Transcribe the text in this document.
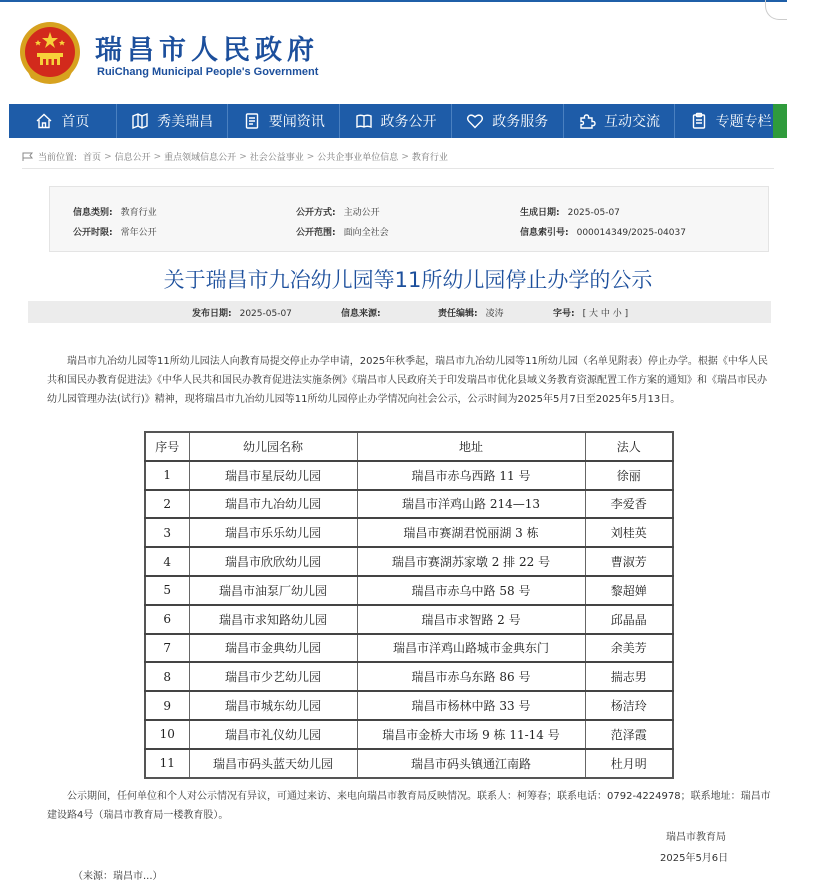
瑞昌市人民政府
RuiChang Municipal People's Government
首页	秀美瑞昌	要闻资讯	政务公开	政务服务	互动交流	专题专栏
当前位置: 首页 > 信息公开 > 重点领域信息公开 > 社会公益事业 > 公共企事业单位信息 > 教育行业
信息类别: 教育行业	公开方式: 主动公开	生成日期: 2025-05-07
公开时限: 常年公开	公开范围: 面向全社会	信息索引号: 000014349/2025-04037
关于瑞昌市九冶幼儿园等11所幼儿园停止办学的公示
发布日期: 2025-05-07	信息来源:	责任编辑: 凌涛	字号: [ 大 中 小 ]
瑞昌市九冶幼儿园等11所幼儿园法人向教育局提交停止办学申请，2025年秋季起，瑞昌市九冶幼儿园等11所幼儿园（名单见附表）停止办学。根据《中华人民共和国民办教育促进法》《中华人民共和国民办教育促进法实施条例》《瑞昌市人民政府关于印发瑞昌市优化县域义务教育资源配置工作方案的通知》和《瑞昌市民办幼儿园管理办法(试行)》精神，现将瑞昌市九冶幼儿园等11所幼儿园停止办学情况向社会公示，公示时间为2025年5月7日至2025年5月13日。
序号	幼儿园名称	地址	法人
1	瑞昌市星辰幼儿园	瑞昌市赤乌西路 11 号	徐丽
2	瑞昌市九冶幼儿园	瑞昌市洋鸡山路 214—13	李爱香
3	瑞昌市乐乐幼儿园	瑞昌市赛湖君悦丽湖 3 栋	刘桂英
4	瑞昌市欣欣幼儿园	瑞昌市赛湖苏家墩 2 排 22 号	曹淑芳
5	瑞昌市油泵厂幼儿园	瑞昌市赤乌中路 58 号	黎超婵
6	瑞昌市求知路幼儿园	瑞昌市求智路 2 号	邱晶晶
7	瑞昌市金典幼儿园	瑞昌市洋鸡山路城市金典东门	余美芳
8	瑞昌市少艺幼儿园	瑞昌市赤乌东路 86 号	揣志男
9	瑞昌市城东幼儿园	瑞昌市杨林中路 33 号	杨洁玲
10	瑞昌市礼仪幼儿园	瑞昌市金桥大市场 9 栋 11-14 号	范泽霞
11	瑞昌市码头蓝天幼儿园	瑞昌市码头镇通江南路	杜月明
公示期间，任何单位和个人对公示情况有异议，可通过来访、来电向瑞昌市教育局反映情况。联系人：柯筹春；联系电话：0792-4224978；联系地址：瑞昌市建设路4号（瑞昌市教育局一楼教育股）。
瑞昌市教育局
2025年5月6日
（来源：瑞昌市...）
